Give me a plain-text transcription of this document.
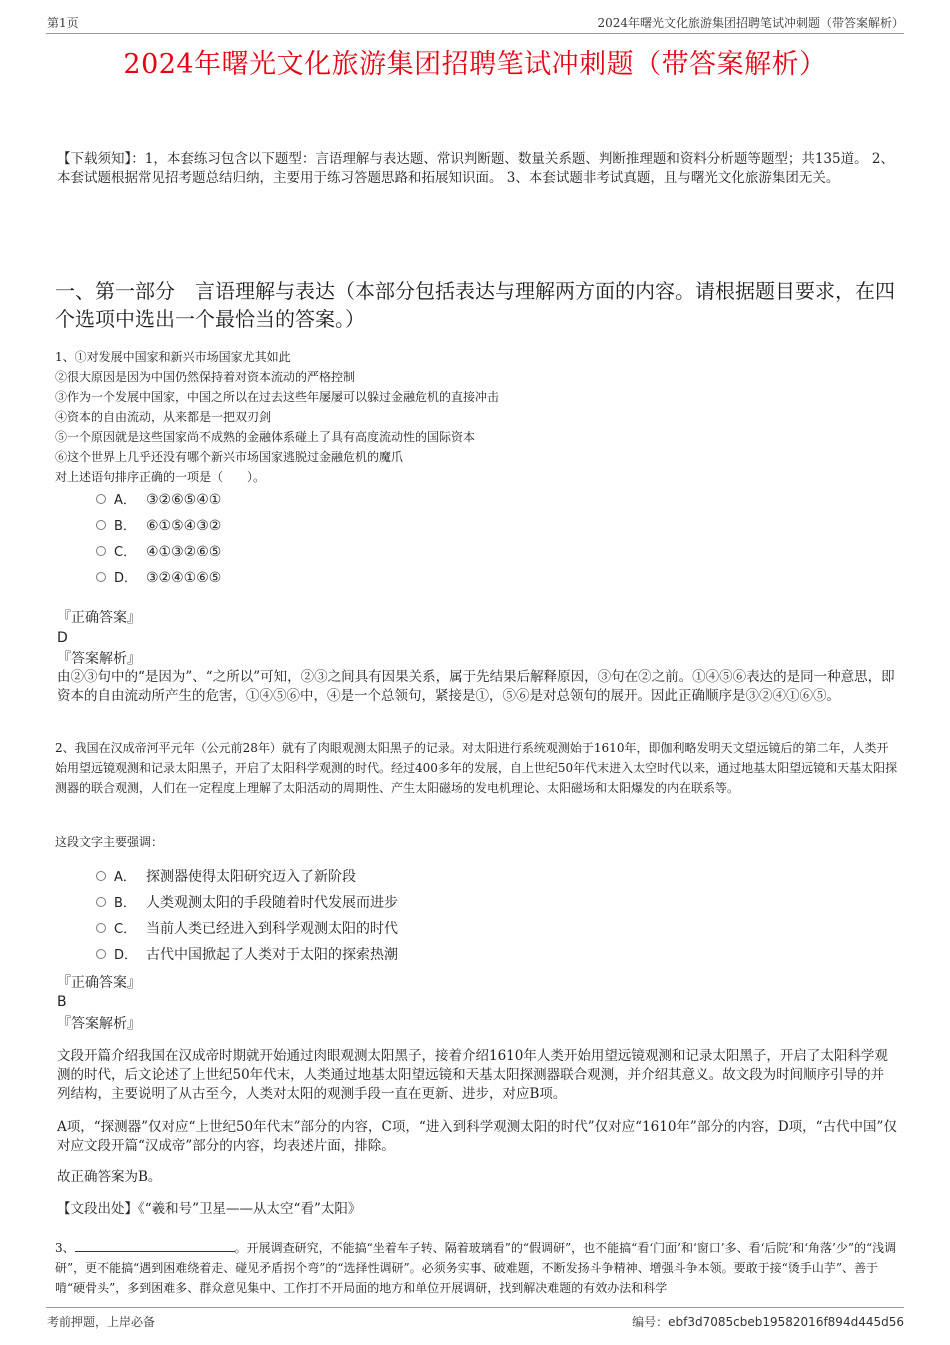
第1页	2024年曙光文化旅游集团招聘笔试冲刺题（带答案解析）
2024年曙光文化旅游集团招聘笔试冲刺题（带答案解析）
【下载须知】：1，本套练习包含以下题型：言语理解与表达题、常识判断题、数量关系题、判断推理题和资料分析题等题型；共135道。 2、本套试题根据常见招考题总结归纳，主要用于练习答题思路和拓展知识面。 3、本套试题非考试真题，且与曙光文化旅游集团无关。
一、第一部分　言语理解与表达（本部分包括表达与理解两方面的内容。请根据题目要求，在四个选项中选出一个最恰当的答案。）

1、①对发展中国家和新兴市场国家尤其如此

②很大原因是因为中国仍然保持着对资本流动的严格控制

③作为一个发展中国家，中国之所以在过去这些年屡屡可以躲过金融危机的直接冲击

④资本的自由流动，从来都是一把双刃剑

⑤一个原因就是这些国家尚不成熟的金融体系碰上了具有高度流动性的国际资本

⑥这个世界上几乎还没有哪个新兴市场国家逃脱过金融危机的魔爪

对上述语句排序正确的一项是（　　）。

A． ③②⑥⑤④①
B． ⑥①⑤④③②
C． ④①③②⑥⑤
D． ③②④①⑥⑤
『正确答案』
D
『答案解析』
由②③句中的“是因为”、“之所以”可知，②③之间具有因果关系，属于先结果后解释原因，③句在②之前。①④⑤⑥表达的是同一种意思，即资本的自由流动所产生的危害，①④⑤⑥中，④是一个总领句，紧接是①，⑤⑥是对总领句的展开。因此正确顺序是③②④①⑥⑤。
2、我国在汉成帝河平元年（公元前28年）就有了肉眼观测太阳黑子的记录。对太阳进行系统观测始于1610年，即伽利略发明天文望远镜后的第二年，人类开始用望远镜观测和记录太阳黑子，开启了太阳科学观测的时代。经过400多年的发展，自上世纪50年代末进入太空时代以来，通过地基太阳望远镜和天基太阳探测器的联合观测，人们在一定程度上理解了太阳活动的周期性、产生太阳磁场的发电机理论、太阳磁场和太阳爆发的内在联系等。
这段文字主要强调：
A． 探测器使得太阳研究迈入了新阶段
B． 人类观测太阳的手段随着时代发展而进步
C． 当前人类已经进入到科学观测太阳的时代
D． 古代中国掀起了人类对于太阳的探索热潮
『正确答案』
B
『答案解析』
文段开篇介绍我国在汉成帝时期就开始通过肉眼观测太阳黑子，接着介绍1610年人类开始用望远镜观测和记录太阳黑子，开启了太阳科学观测的时代，后文论述了上世纪50年代末，人类通过地基太阳望远镜和天基太阳探测器联合观测，并介绍其意义。故文段为时间顺序引导的并列结构，主要说明了从古至今，人类对太阳的观测手段一直在更新、进步，对应B项。
A项，“探测器”仅对应“上世纪50年代末”部分的内容，C项，“进入到科学观测太阳的时代”仅对应“1610年”部分的内容，D项，“古代中国”仅对应文段开篇“汉成帝”部分的内容，均表述片面，排除。
故正确答案为B。
【文段出处】《“羲和号”卫星——从太空“看”太阳》
3、	。开展调查研究，不能搞“坐着车子转、隔着玻璃看”的“假调研”，也不能搞“看‘门面’和‘窗口’多、看‘后院’和‘角落’少”的“浅调研”，更不能搞“遇到困难绕着走、碰见矛盾拐个弯”的“选择性调研”。必须务实事、破难题，不断发扬斗争精神、增强斗争本领。要敢于接“烫手山芋”、善于啃“硬骨头”，多到困难多、群众意见集中、工作打不开局面的地方和单位开展调研，找到解决难题的有效办法和科学
考前押题，上岸必备	编号：ebf3d7085cbeb19582016f894d445d56
